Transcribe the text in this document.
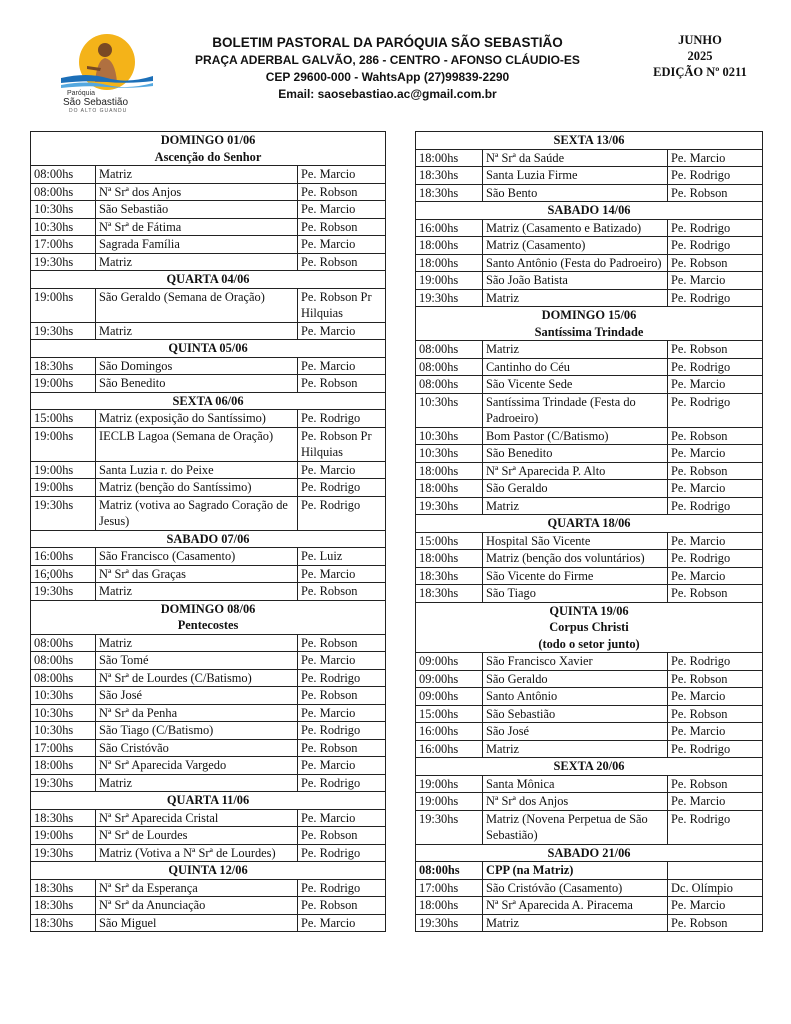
Paróquia
São Sebastião
DO ALTO GUANDU
BOLETIM PASTORAL DA PARÓQUIA SÃO SEBASTIÃO
PRAÇA ADERBAL GALVÃO, 286 - CENTRO - AFONSO CLÁUDIO-ES
CEP 29600-000 - WahtsApp (27)99839-2290
Email: saosebastiao.ac@gmail.com.br
JUNHO
2025
EDIÇÃO Nº 0211
DOMINGO 01/06
Ascenção do Senhor		

08:00hs	Matriz	Pe. Marcio
08:00hs	Nª Srª dos Anjos	Pe. Robson
10:30hs	São Sebastião	Pe. Marcio
10:30hs	Nª Srª de Fátima	Pe. Robson
17:00hs	Sagrada Família	Pe. Marcio
19:30hs	Matriz	Pe. Robson

QUARTA 04/06		

19:00hs	São Geraldo (Semana de Oração)	Pe. Robson Pr Hilquias
19:30hs	Matriz	Pe. Marcio

QUINTA 05/06		

18:30hs	São Domingos	Pe. Marcio
19:00hs	São Benedito	Pe. Robson

SEXTA 06/06		

15:00hs	Matriz (exposição do Santíssimo)	Pe. Rodrigo
19:00hs	IECLB Lagoa (Semana de Oração)	Pe. Robson Pr Hilquias
19:00hs	Santa Luzia r. do Peixe	Pe. Marcio
19:00hs	Matriz (benção do Santíssimo)	Pe. Rodrigo
19:30hs	Matriz (votiva ao Sagrado Coração de Jesus)	Pe. Rodrigo

SABADO 07/06		

16:00hs	São Francisco (Casamento)	Pe. Luiz
16;00hs	Nª Srª das Graças	Pe. Marcio
19:30hs	Matriz	Pe. Robson

DOMINGO 08/06
Pentecostes		

08:00hs	Matriz	Pe. Robson
08:00hs	São Tomé	Pe. Marcio
08:00hs	Nª Srª de Lourdes (C/Batismo)	Pe. Rodrigo
10:30hs	São José	Pe. Robson
10:30hs	Nª Srª da Penha	Pe. Marcio
10:30hs	São Tiago (C/Batismo)	Pe. Rodrigo
17:00hs	São Cristóvão	Pe. Robson
18:00hs	Nª Srª Aparecida Vargedo	Pe. Marcio
19:30hs	Matriz	Pe. Rodrigo

QUARTA 11/06		

18:30hs	Nª Srª Aparecida Cristal	Pe. Marcio
19:00hs	Nª Srª de Lourdes	Pe. Robson
19:30hs	Matriz (Votiva a Nª Srª de Lourdes)	Pe. Rodrigo

QUINTA 12/06		

18:30hs	Nª Srª da Esperança	Pe. Rodrigo
18:30hs	Nª Srª da Anunciação	Pe. Robson
18:30hs	São Miguel	Pe. Marcio
SEXTA 13/06		

18:00hs	Nª Srª da Saúde	Pe. Marcio
18:30hs	Santa Luzia Firme	Pe. Rodrigo
18:30hs	São Bento	Pe. Robson

SABADO 14/06		

16:00hs	Matriz (Casamento e Batizado)	Pe. Rodrigo
18:00hs	Matriz (Casamento)	Pe. Rodrigo
18:00hs	Santo Antônio (Festa do Padroeiro)	Pe. Robson
19:00hs	São João Batista	Pe. Marcio
19:30hs	Matriz	Pe. Rodrigo

DOMINGO 15/06
Santíssima Trindade		

08:00hs	Matriz	Pe. Robson
08:00hs	Cantinho do Céu	Pe. Rodrigo
08:00hs	São Vicente Sede	Pe. Marcio
10:30hs	Santíssima Trindade (Festa do Padroeiro)	Pe. Rodrigo
10:30hs	Bom Pastor (C/Batismo)	Pe. Robson
10:30hs	São Benedito	Pe. Marcio
18:00hs	Nª Srª Aparecida P. Alto	Pe. Robson
18:00hs	São Geraldo	Pe. Marcio
19:30hs	Matriz	Pe. Rodrigo

QUARTA 18/06		

15:00hs	Hospital São Vicente	Pe. Marcio
18:00hs	Matriz (benção dos voluntários)	Pe. Rodrigo
18:30hs	São Vicente do Firme	Pe. Marcio
18:30hs	São Tiago	Pe. Robson

QUINTA 19/06
Corpus Christi
(todo o setor junto)		

09:00hs	São Francisco Xavier	Pe. Rodrigo
09:00hs	São Geraldo	Pe. Robson
09:00hs	Santo Antônio	Pe. Marcio
15:00hs	São Sebastião	Pe. Robson
16:00hs	São José	Pe. Marcio
16:00hs	Matriz	Pe. Rodrigo

SEXTA 20/06		

19:00hs	Santa Mônica	Pe. Robson
19:00hs	Nª Srª dos Anjos	Pe. Marcio
19:30hs	Matriz (Novena Perpetua de São Sebastião)	Pe. Rodrigo

SABADO 21/06		

08:00hs	CPP (na Matriz)	
17:00hs	São Cristóvão (Casamento)	Dc. Olímpio
18:00hs	Nª Srª Aparecida A. Piracema	Pe. Marcio
19:30hs	Matriz	Pe. Robson
